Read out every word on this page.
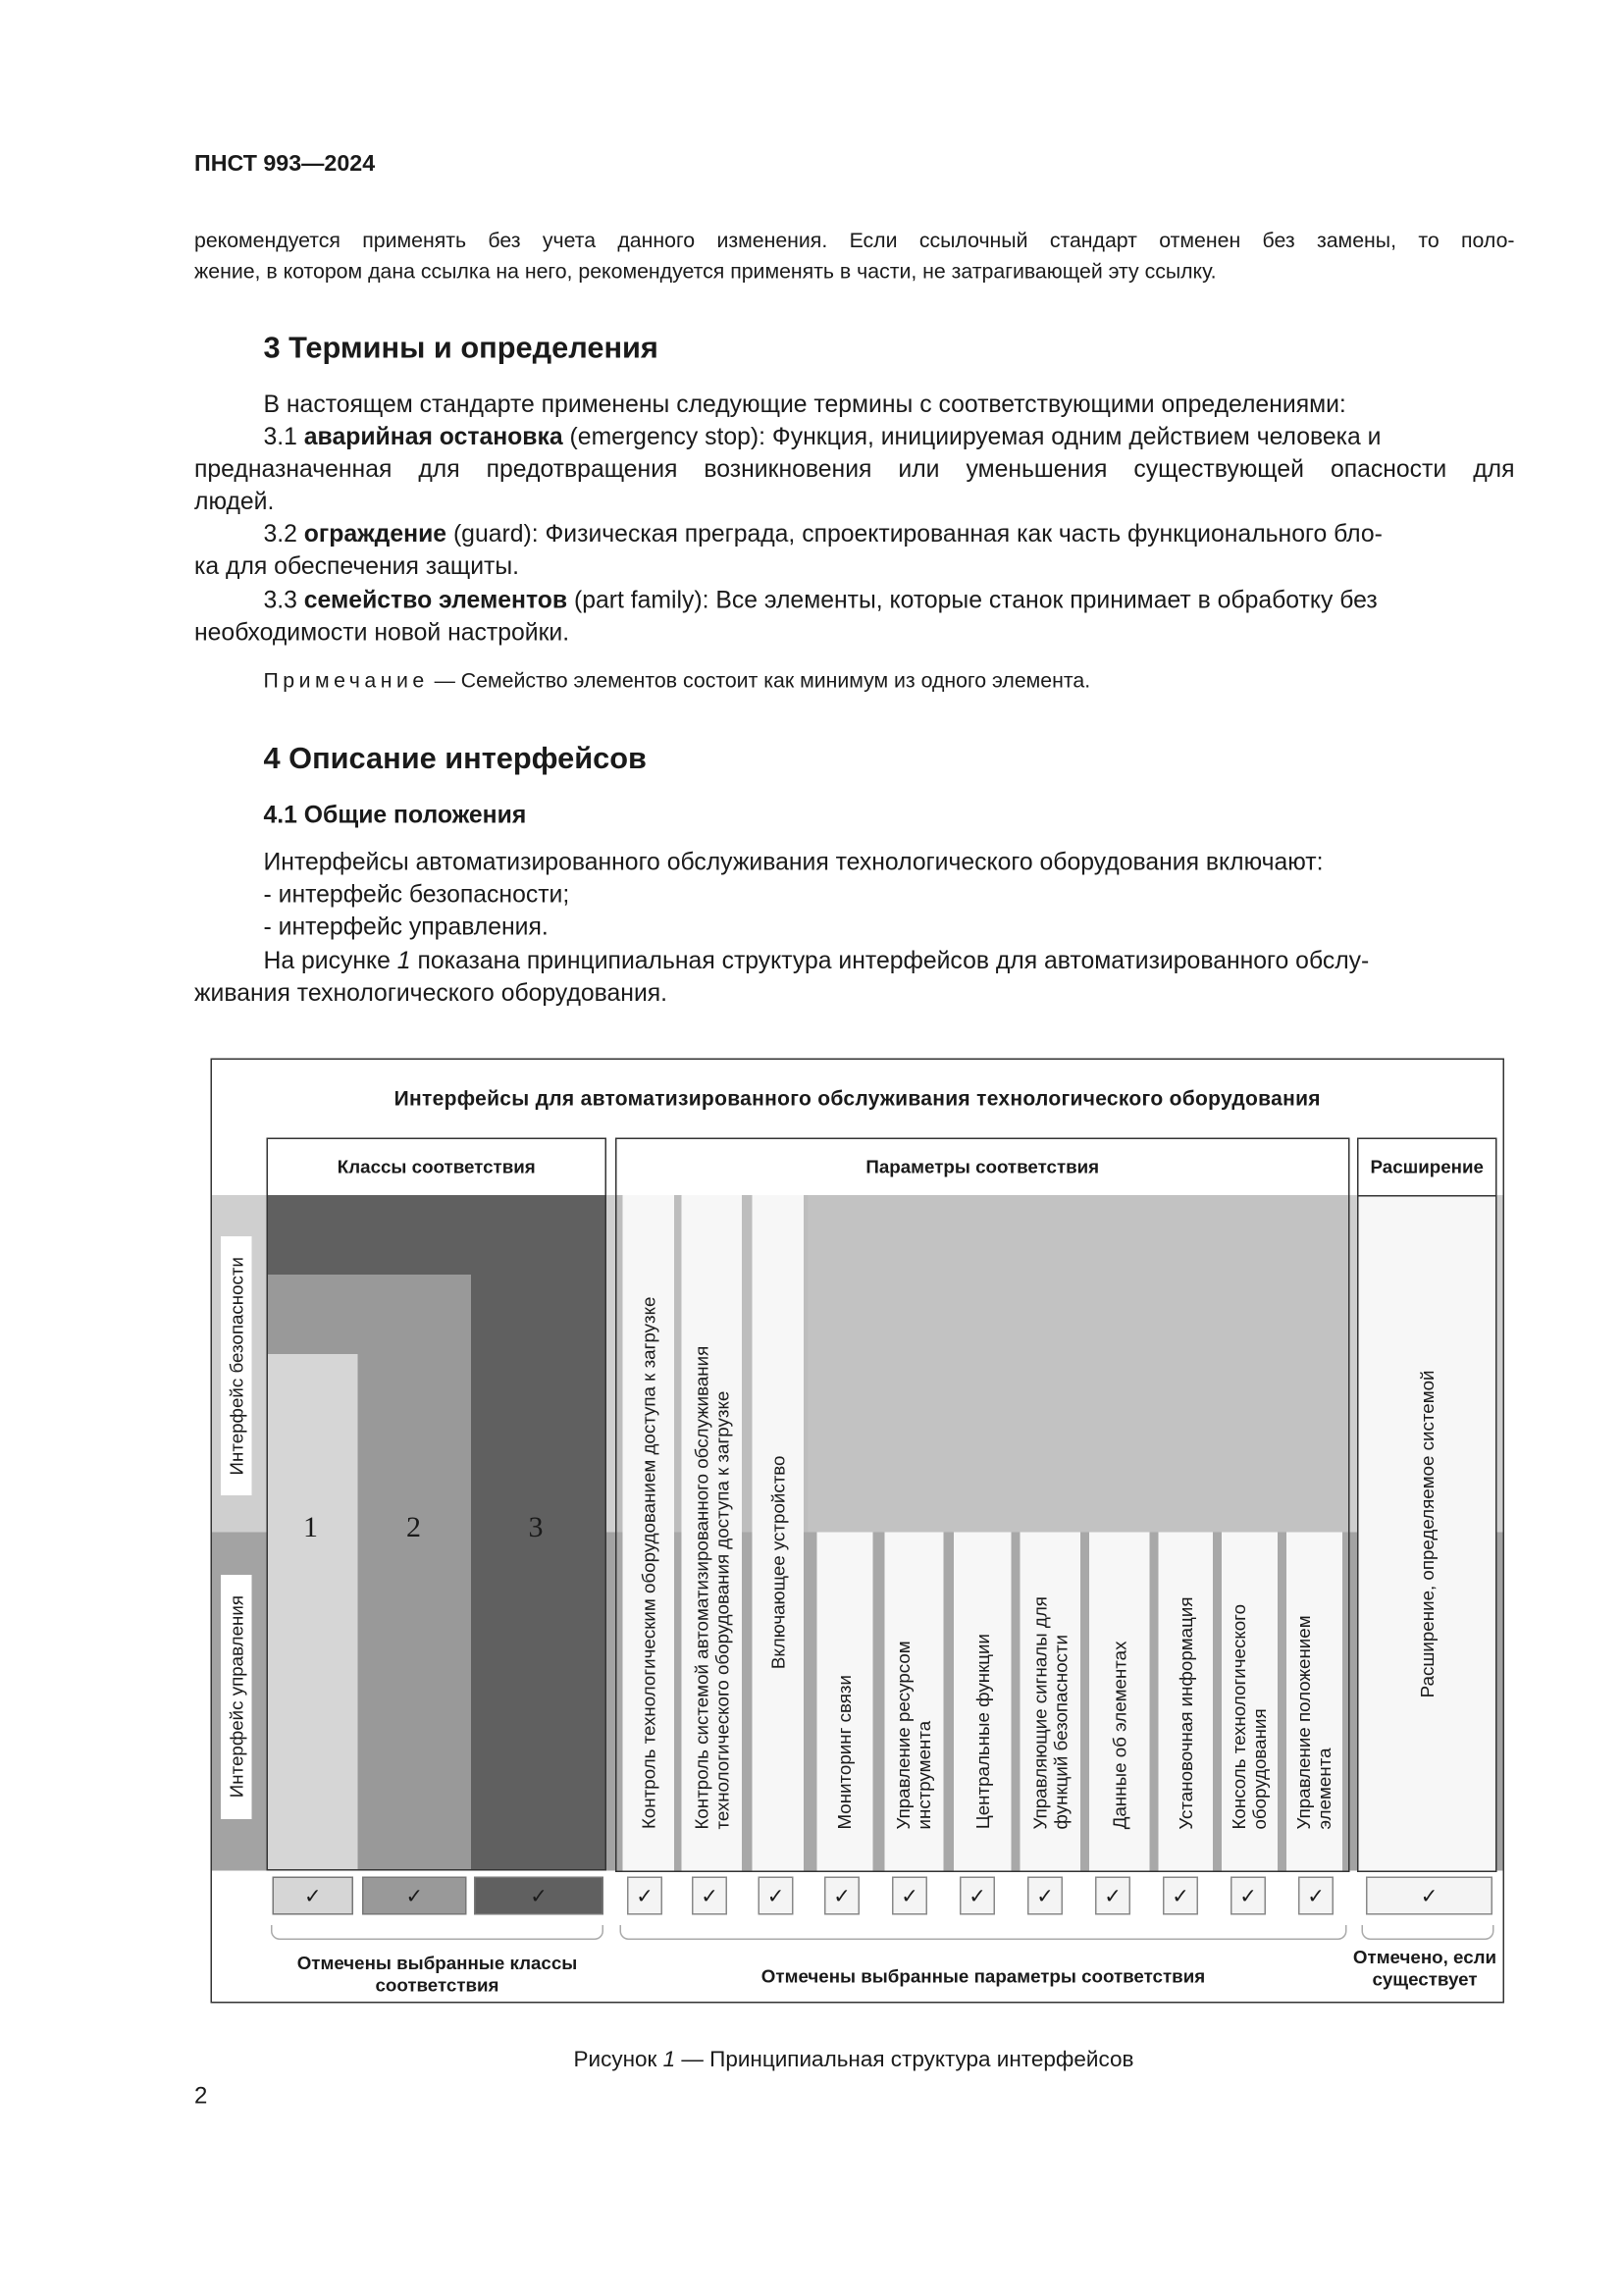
ПНСТ 993—2024
рекомендуется применять без учета данного изменения. Если ссылочный стандарт отменен без замены, то поло-
жение, в котором дана ссылка на него, рекомендуется применять в части, не затрагивающей эту ссылку.
3 Термины и определения
В настоящем стандарте применены следующие термины с соответствующими определениями:
3.1 аварийная остановка (emergency stop): Функция, инициируемая одним действием человека и
предназначенная для предотвращения возникновения или уменьшения существующей опасности для
людей.
3.2 ограждение (guard): Физическая преграда, спроектированная как часть функционального бло-
ка для обеспечения защиты.
3.3 семейство элементов (part family): Все элементы, которые станок принимает в обработку без
необходимости новой настройки.
Примечание — Семейство элементов состоит как минимум из одного элемента.
4 Описание интерфейсов
4.1 Общие положения
Интерфейсы автоматизированного обслуживания технологического оборудования включают:
- интерфейс безопасности;
- интерфейс управления.
На рисунке 1 показана принципиальная структура интерфейсов для автоматизированного обслу-
живания технологического оборудования.
Интерфейсы для автоматизированного обслуживания технологического оборудования
Интерфейс безопасности
Интерфейс управления
Классы соответствия	Параметры соответствия
Расширение, определяемое системой
Расширение
1	2	3	Контроль технологическим оборудованием доступа к загрузке	Контроль системой автоматизированного обслуживания технологического оборудования доступа к загрузке	Включающее устройство
Мониторинг связи	Управление ресурсом инструмента	Центральные функции	Управляющие сигналы для функций безопасности	Данные об элементах	Установочная информация	Консоль технологического оборудования Управление положением элемента
✓	✓	✓	✓	✓	✓	✓	✓	✓	✓	✓	✓	✓	✓	✓
Отмечены выбранные классы соответствия	Отмечены выбранные параметры соответствия
Отмечено, если существует
Рисунок 1 — Принципиальная структура интерфейсов
2
